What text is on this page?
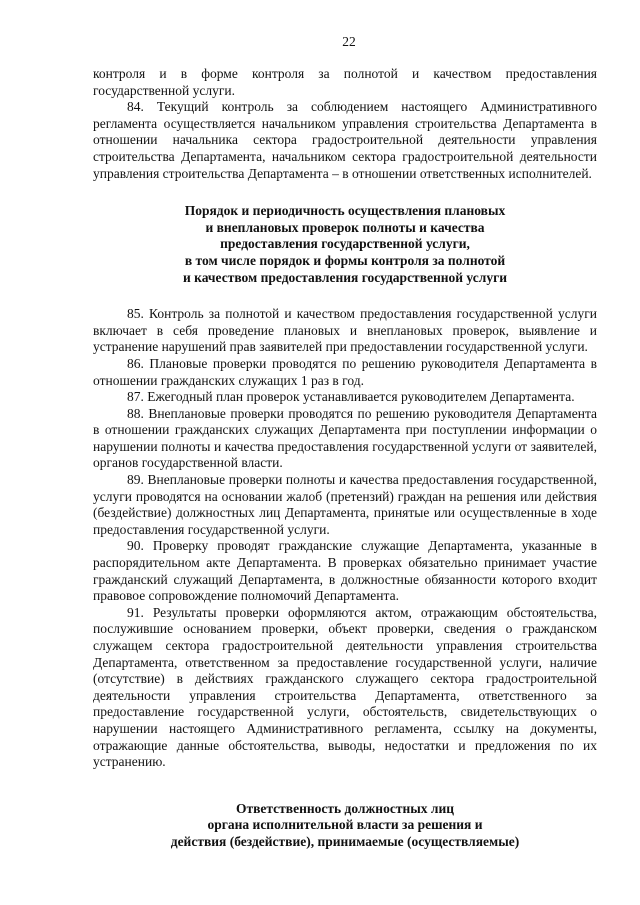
22

контроля и в форме контроля за полнотой и качеством предоставления государственной услуги.

84. Текущий контроль за соблюдением настоящего Административного регламента осуществляется начальником управления строительства Департамента в отношении начальника сектора градостроительной деятельности управления строительства Департамента, начальником сектора градостроительной деятельности управления строительства Департамента – в отношении ответственных исполнителей.

Порядок и периодичность осуществления плановых
и внеплановых проверок полноты и качества
предоставления государственной услуги,
в том числе порядок и формы контроля за полнотой
и качеством предоставления государственной услуги

85. Контроль за полнотой и качеством предоставления государственной услуги включает в себя проведение плановых и внеплановых проверок, выявление и устранение нарушений прав заявителей при предоставлении государственной услуги.

86. Плановые проверки проводятся по решению руководителя Департамента в отношении гражданских служащих 1 раз в год.

87. Ежегодный план проверок устанавливается руководителем Департамента.

88. Внеплановые проверки проводятся по решению руководителя Департамента в отношении гражданских служащих Департамента при поступлении информации о нарушении полноты и качества предоставления государственной услуги от заявителей, органов государственной власти.

89. Внеплановые проверки полноты и качества предоставления государственной, услуги проводятся на основании жалоб (претензий) граждан на решения или действия (бездействие) должностных лиц Департамента, принятые или осуществленные в ходе предоставления государственной услуги.

90. Проверку проводят гражданские служащие Департамента, указанные в распорядительном акте Департамента. В проверках обязательно принимает участие гражданский служащий Департамента, в должностные обязанности которого входит правовое сопровождение полномочий Департамента.

91. Результаты проверки оформляются актом, отражающим обстоятельства, послужившие основанием проверки, объект проверки, сведения о гражданском служащем сектора градостроительной деятельности управления строительства Департамента, ответственном за предоставление государственной услуги, наличие (отсутствие) в действиях гражданского служащего сектора градостроительной деятельности управления строительства Департамента, ответственного за предоставление государственной услуги, обстоятельств, свидетельствующих о нарушении настоящего Административного регламента, ссылку на документы, отражающие данные обстоятельства, выводы, недостатки и предложения по их устранению.

Ответственность должностных лиц
органа исполнительной власти за решения и
действия (бездействие), принимаемые (осуществляемые)
